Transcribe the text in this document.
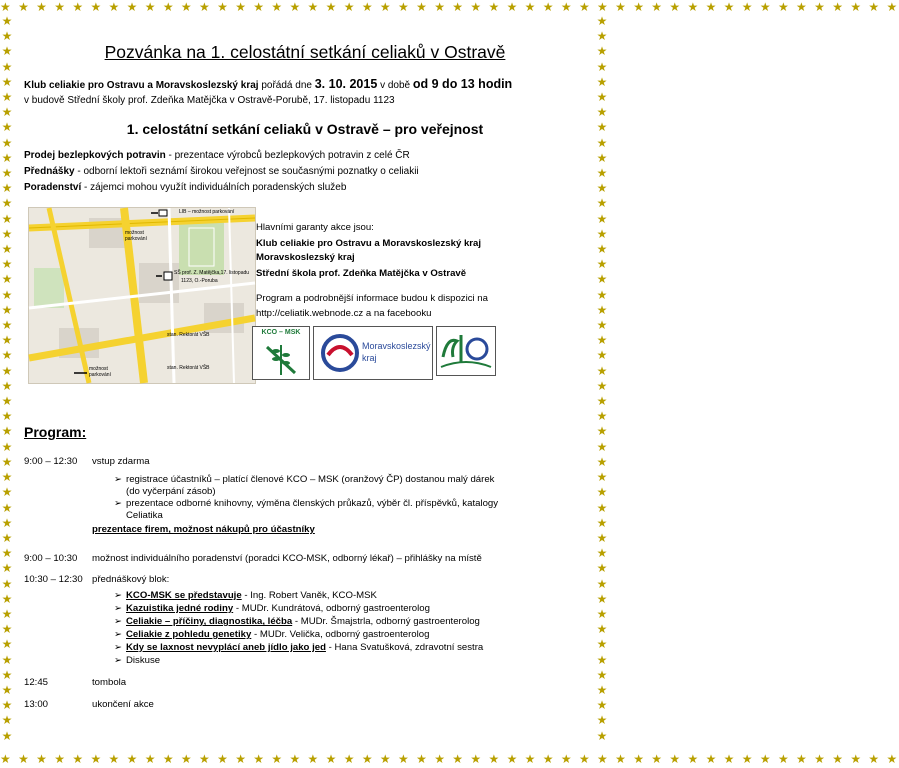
★ ★ ★ ★ ★ ★ ★ ★ ★ ★ ★ ★ ★ ★ ★ ★ ★ ★ ★ ★ ★ ★ ★ ★ ★ ★ ★ ★ ★ ★ ★ ★ ★ ★ ★ ★ ★ ★ ★ ★ ★ ★ ★ ★ ★ ★ ★ ★ ★ ★
★ ★ ★ ★ ★ ★ ★ ★ ★ ★ ★ ★ ★ ★ ★ ★ ★ ★ ★ ★ ★ ★ ★ ★ ★ ★ ★ ★ ★ ★ ★ ★ ★ ★ ★ ★ ★ ★ ★ ★ ★ ★ ★ ★ ★ ★ ★ ★ ★ ★
★
★
★
★
★
★
★
★
★
★
★
★
★
★
★
★
★
★
★
★
★
★
★
★
★
★
★
★
★
★
★
★
★
★
★
★
★
★
★
★
★
★
★
★
★
★
★
★
★
★
★
★
★
★
★
★
★
★
★
★
★
★
★
★
★
★
★
★
★
★
★
★
★
★
★
★
★
★
★
★
★
★
★
★
★
★
★
★
★
★
★
★
★
★
★
★
Pozvánka na 1. celostátní setkání celiaků v Ostravě
Klub celiakie pro Ostravu a Moravskoslezský kraj pořádá dne 3. 10. 2015 v době od 9 do 13 hodin
v budově Střední školy prof. Zdeňka Matějčka v Ostravě-Porubě, 17. listopadu 1123
1. celostátní setkání celiaků v Ostravě – pro veřejnost
Prodej bezlepkových potravin - prezentace výrobců bezlepkových potravin z celé ČR
Přednášky - odborní lektoři seznámí širokou veřejnost se současnými poznatky o celiakii
Poradenství - zájemci mohou využít individuálních poradenských služeb
LIB – možnost parkování
možnost parkování
SŠ prof. Z. Matějčka,17. listopadu
1123, O.-Poruba
stan. Rektorát VŠB
stan. Rektorát VŠB
možnost parkování
Hlavními garanty akce jsou:
Klub celiakie pro Ostravu a Moravskoslezský kraj
Moravskoslezský kraj
Střední škola prof. Zdeňka Matějčka v Ostravě
Program a podrobnější informace budou k dispozici na
http://celiatik.webnode.cz a na facebooku
KCO – MSK
Moravskoslezský
kraj
Program:
9:00 – 12:30 vstup zdarma
➢ registrace účastníků – platící členové KCO – MSK (oranžový ČP) dostanou malý dárek
(do vyčerpání zásob)
➢ prezentace odborné knihovny, výměna členských průkazů, výběr čl. příspěvků, katalogy
Celiatika
prezentace firem, možnost nákupů pro účastníky
9:00 – 10:30 možnost individuálního poradenství (poradci KCO-MSK, odborný lékař) – přihlášky na místě
10:30 – 12:30 přednáškový blok:
➢ KCO-MSK se představuje - Ing. Robert Vaněk, KCO-MSK
➢ Kazuistika jedné rodiny - MUDr. Kundrátová, odborný gastroenterolog
➢ Celiakie – příčiny, diagnostika, léčba - MUDr. Šmajstrla, odborný gastroenterolog
➢ Celiakie z pohledu genetiky - MUDr. Velička, odborný gastroenterolog
➢ Kdy se laxnost nevyplácí aneb jídlo jako jed - Hana Svatušková, zdravotní sestra
➢ Diskuse
12:45	tombola
13:00	ukončení akce
